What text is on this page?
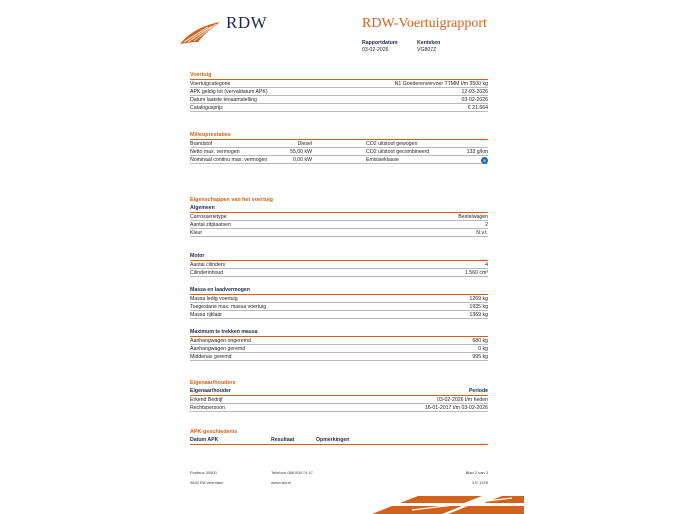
RDW	RDW-Voertuigrapport
Rapportdatum
03-02-2026
Kenteken
VG807Z
Voertuig
Voertuigcategorie	N1 Goederenvervoer TTMM t/m 3500 kg
APK geldig tot (vervaldatum APK)	12-03-2026
Datum laatste tenaamstelling	03-02-2026
Catalogusprijs	€ 21.664
Milieuprestaties
Brandstof	Diesel	CO2 uitstoot gewogen
Netto max. vermogen	55,00 kW	CO2 uitstoot gecombineerd	133 g/km
Nominaal continu max. vermogen	0,00 kW	Emissieklasse	5
Eigenschappen van het voertuig
Algemeen
Carrosserietype	Bestelwagen
Aantal zitplaatsen	2
Kleur	N.v.t.
Motor
Aantal cilinders	4
Cilinderinhoud	1.560 cm³
Massa en laadvermogen
Massa ledig voertuig	1269 kg
Toegestane max. massa voertuig	1935 kg
Massa rijklaar	1369 kg
Maximum te trekken massa
Aanhangwagen ongeremd	680 kg
Aanhangwagen geremd	0 kg
Middenas geremd	995 kg
Eigenaar/houders
Eigenaar/houder	Periode
Erkend Bedrijf	03-02-2026 t/m heden
Rechtspersoon	16-01-2017 t/m 03-02-2026
APK-geschiedenis
Datum APK	Resultaat	Opmerkingen
Postbus 30000
9640 RA Veendam
Telefoon 088 008 74 47
www.rdw.nl
Blad 2 van 3
3 E 1978
